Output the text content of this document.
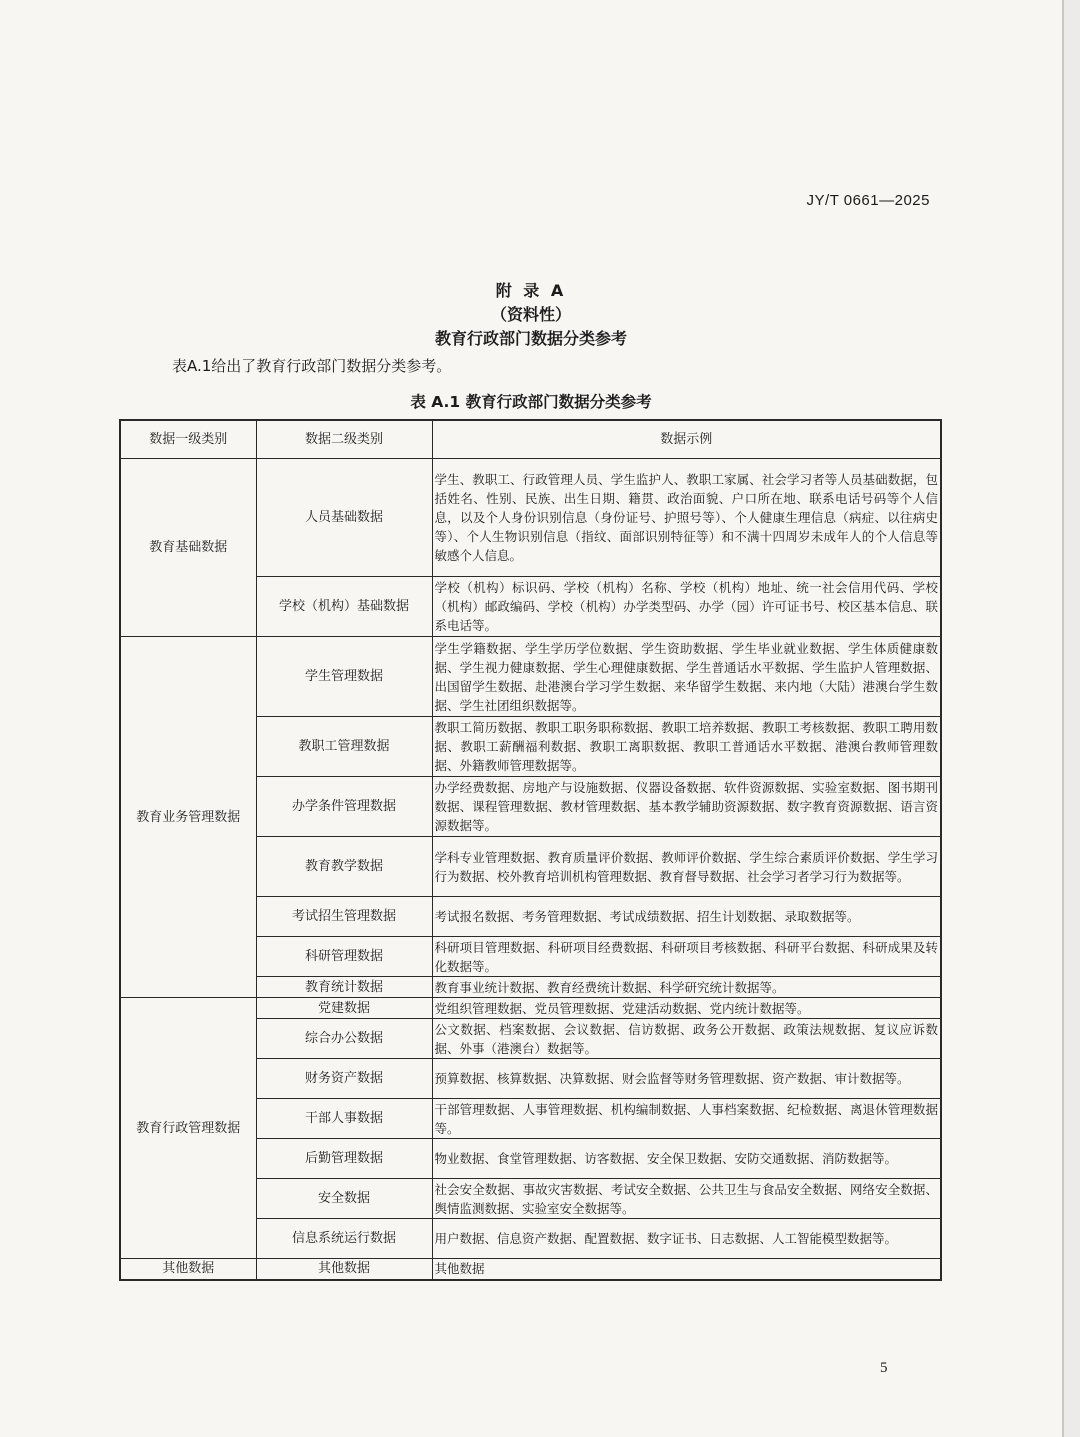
JY/T 0661—2025
附 录 A
（资料性）
教育行政部门数据分类参考
表A.1给出了教育行政部门数据分类参考。
表 A.1 教育行政部门数据分类参考
数据一级类别	数据二级类别	数据示例
教育基础数据	人员基础数据	学生、教职工、行政管理人员、学生监护人、教职工家属、社会学习者等人员基础数据，包括姓名、性别、民族、出生日期、籍贯、政治面貌、户口所在地、联系电话号码等个人信息，以及个人身份识别信息（身份证号、护照号等）、个人健康生理信息（病症、以往病史等）、个人生物识别信息（指纹、面部识别特征等）和不满十四周岁未成年人的个人信息等敏感个人信息。
	学校（机构）基础数据	学校（机构）标识码、学校（机构）名称、学校（机构）地址、统一社会信用代码、学校（机构）邮政编码、学校（机构）办学类型码、办学（园）许可证书号、校区基本信息、联系电话等。
教育业务管理数据	学生管理数据	学生学籍数据、学生学历学位数据、学生资助数据、学生毕业就业数据、学生体质健康数据、学生视力健康数据、学生心理健康数据、学生普通话水平数据、学生监护人管理数据、出国留学生数据、赴港澳台学习学生数据、来华留学生数据、来内地（大陆）港澳台学生数据、学生社团组织数据等。
	教职工管理数据	教职工简历数据、教职工职务职称数据、教职工培养数据、教职工考核数据、教职工聘用数据、教职工薪酬福利数据、教职工离职数据、教职工普通话水平数据、港澳台教师管理数据、外籍教师管理数据等。
	办学条件管理数据	办学经费数据、房地产与设施数据、仪器设备数据、软件资源数据、实验室数据、图书期刊数据、课程管理数据、教材管理数据、基本教学辅助资源数据、数字教育资源数据、语言资源数据等。
	教育教学数据	学科专业管理数据、教育质量评价数据、教师评价数据、学生综合素质评价数据、学生学习行为数据、校外教育培训机构管理数据、教育督导数据、社会学习者学习行为数据等。
	考试招生管理数据	考试报名数据、考务管理数据、考试成绩数据、招生计划数据、录取数据等。
	科研管理数据	科研项目管理数据、科研项目经费数据、科研项目考核数据、科研平台数据、科研成果及转化数据等。
	教育统计数据	教育事业统计数据、教育经费统计数据、科学研究统计数据等。
教育行政管理数据	党建数据	党组织管理数据、党员管理数据、党建活动数据、党内统计数据等。
	综合办公数据	公文数据、档案数据、会议数据、信访数据、政务公开数据、政策法规数据、复议应诉数据、外事（港澳台）数据等。
	财务资产数据	预算数据、核算数据、决算数据、财会监督等财务管理数据、资产数据、审计数据等。
	干部人事数据	干部管理数据、人事管理数据、机构编制数据、人事档案数据、纪检数据、离退休管理数据等。
	后勤管理数据	物业数据、食堂管理数据、访客数据、安全保卫数据、安防交通数据、消防数据等。
	安全数据	社会安全数据、事故灾害数据、考试安全数据、公共卫生与食品安全数据、网络安全数据、舆情监测数据、实验室安全数据等。
	信息系统运行数据	用户数据、信息资产数据、配置数据、数字证书、日志数据、人工智能模型数据等。
其他数据	其他数据	其他数据
5
